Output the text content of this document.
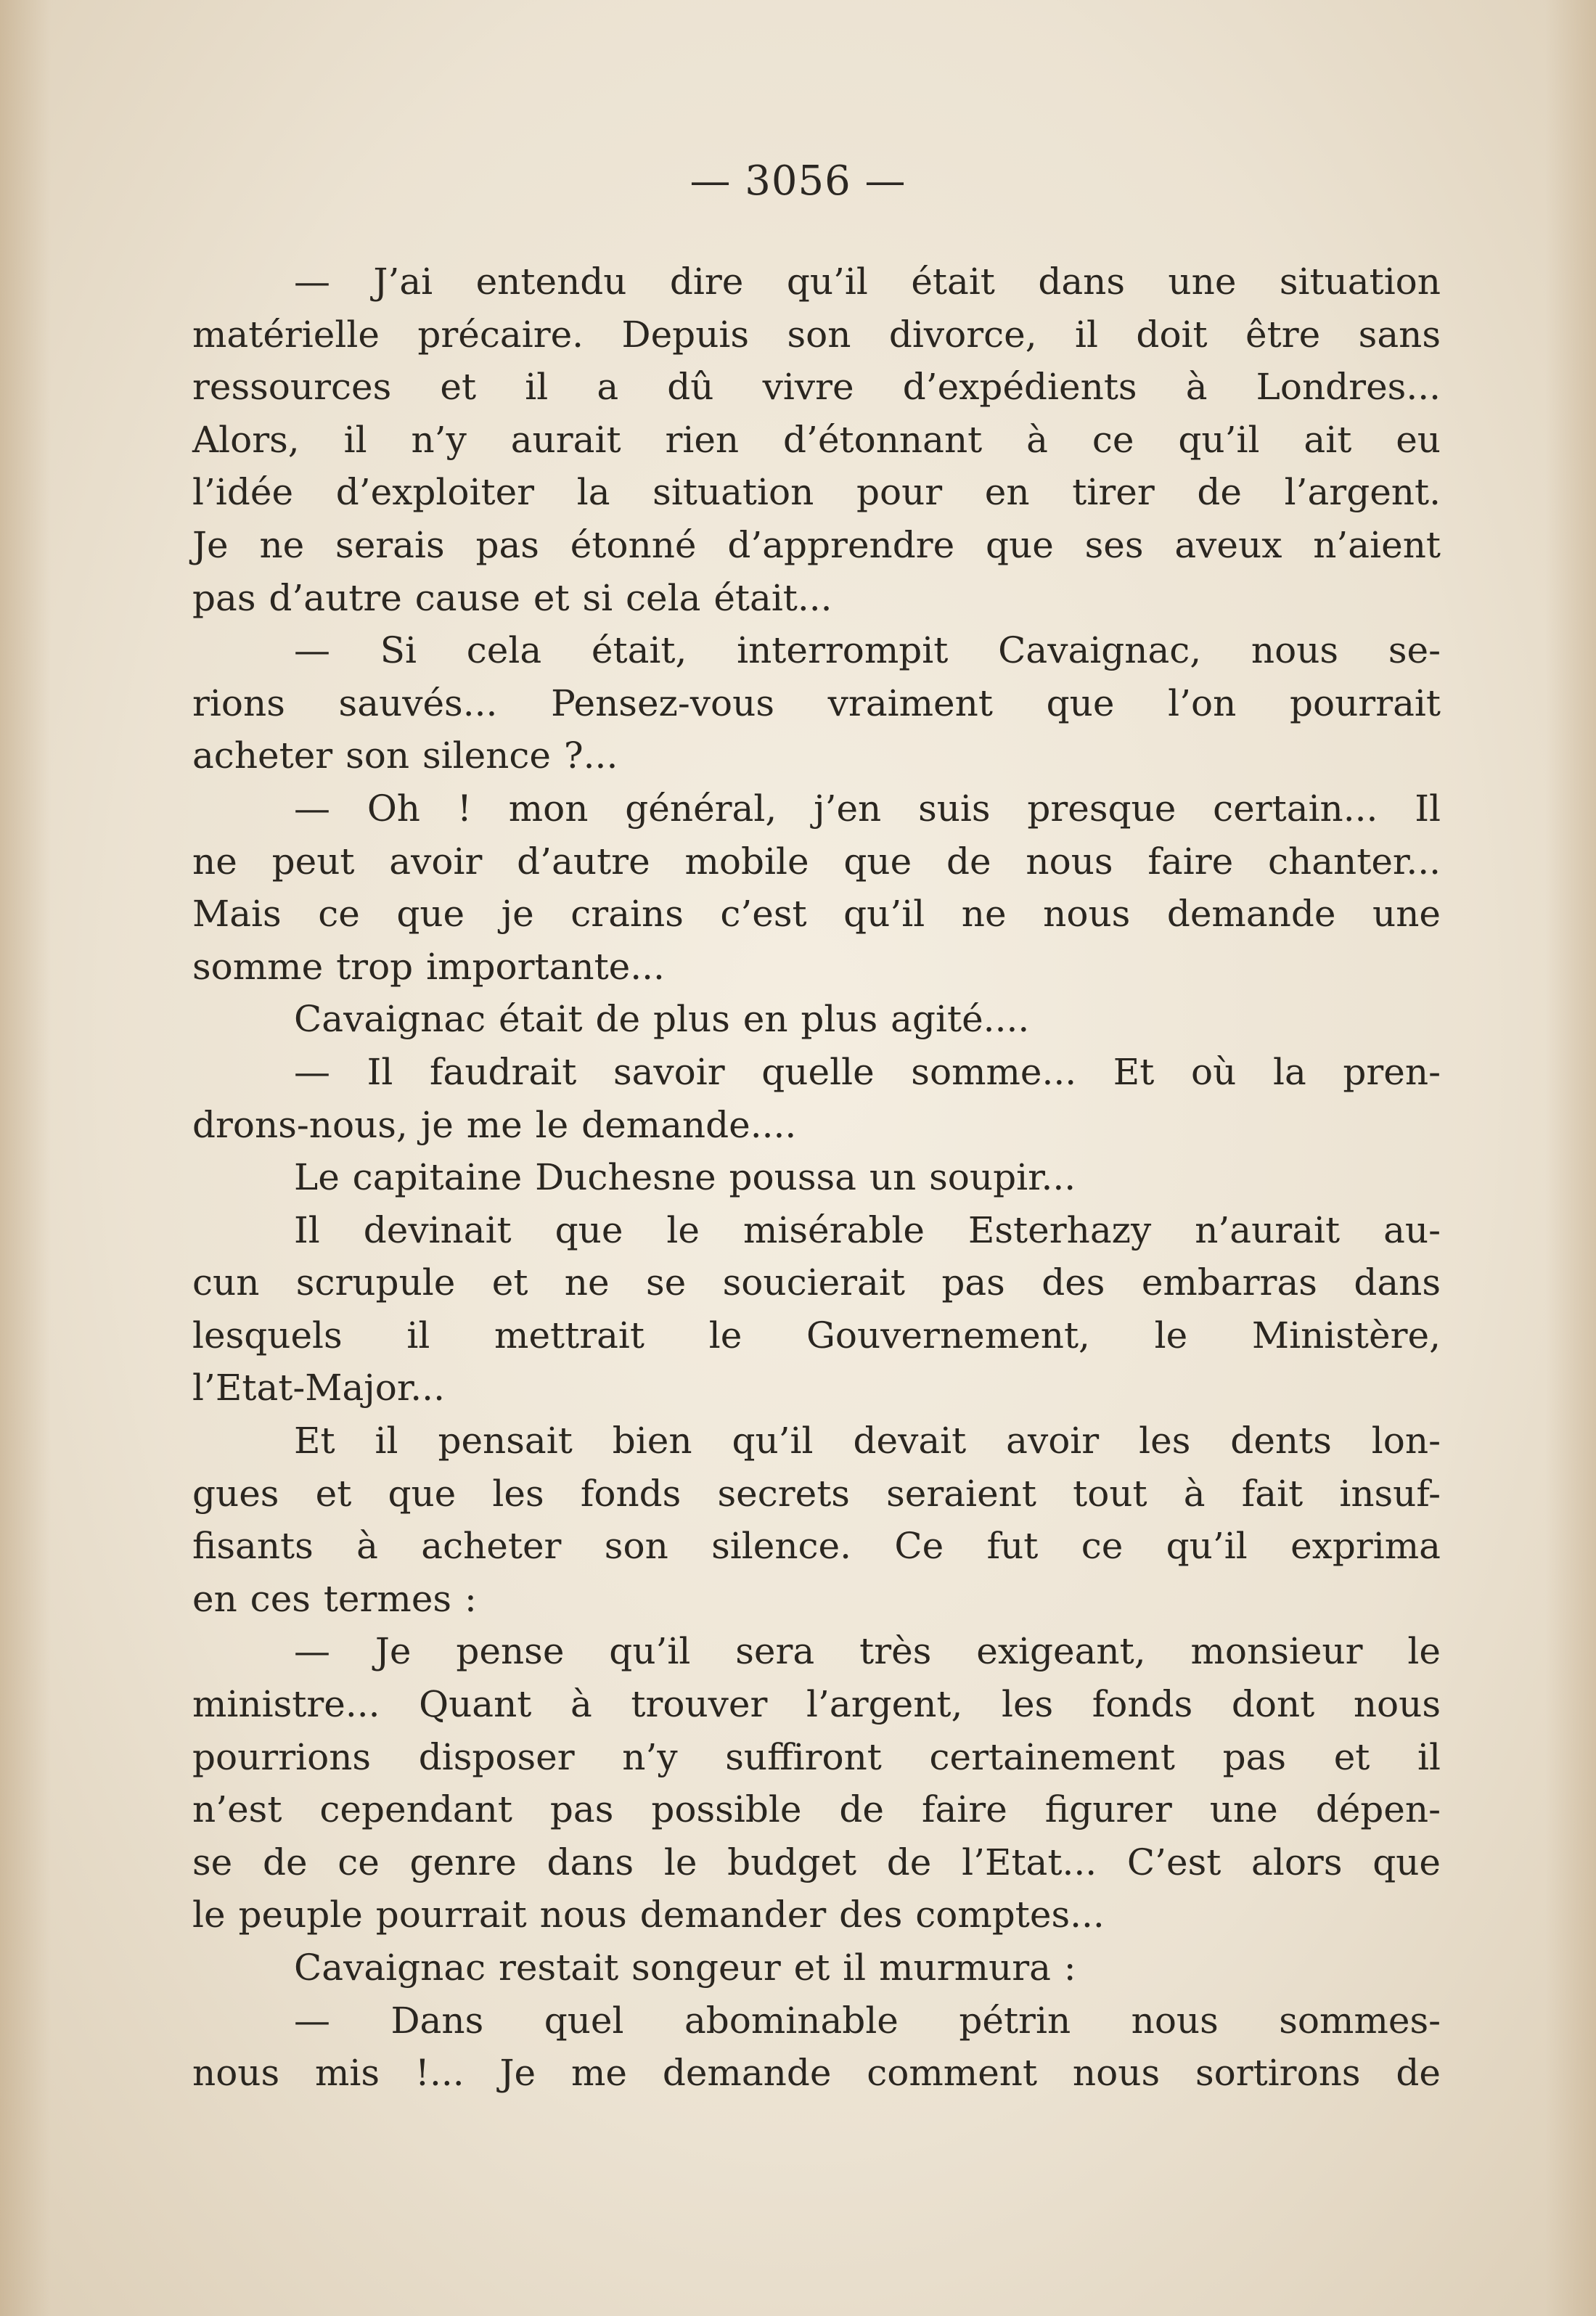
— 3056 —
— J’ai entendu dire qu’il était dans une situation
matérielle précaire. Depuis son divorce, il doit être sans
ressources et il a dû vivre d’expédients à Londres...
Alors, il n’y aurait rien d’étonnant à ce qu’il ait eu
l’idée d’exploiter la situation pour en tirer de l’argent.
Je ne serais pas étonné d’apprendre que ses aveux n’aient
pas d’autre cause et si cela était...
— Si cela était, interrompit Cavaignac, nous se-
rions sauvés... Pensez-vous vraiment que l’on pourrait
acheter son silence ?...
— Oh ! mon général, j’en suis presque certain... Il
ne peut avoir d’autre mobile que de nous faire chanter...
Mais ce que je crains c’est qu’il ne nous demande une
somme trop importante...
Cavaignac était de plus en plus agité....
— Il faudrait savoir quelle somme... Et où la pren-
drons-nous, je me le demande....
Le capitaine Duchesne poussa un soupir...
Il devinait que le misérable Esterhazy n’aurait au-
cun scrupule et ne se soucierait pas des embarras dans
lesquels il mettrait le Gouvernement, le Ministère,
l’Etat-Major...
Et il pensait bien qu’il devait avoir les dents lon-
gues et que les fonds secrets seraient tout à fait insuf-
fisants à acheter son silence. Ce fut ce qu’il exprima
en ces termes :
— Je pense qu’il sera très exigeant, monsieur le
ministre... Quant à trouver l’argent, les fonds dont nous
pourrions disposer n’y suffiront certainement pas et il
n’est cependant pas possible de faire figurer une dépen-
se de ce genre dans le budget de l’Etat... C’est alors que
le peuple pourrait nous demander des comptes...
Cavaignac restait songeur et il murmura :
— Dans quel abominable pétrin nous sommes-
nous mis !... Je me demande comment nous sortirons de
